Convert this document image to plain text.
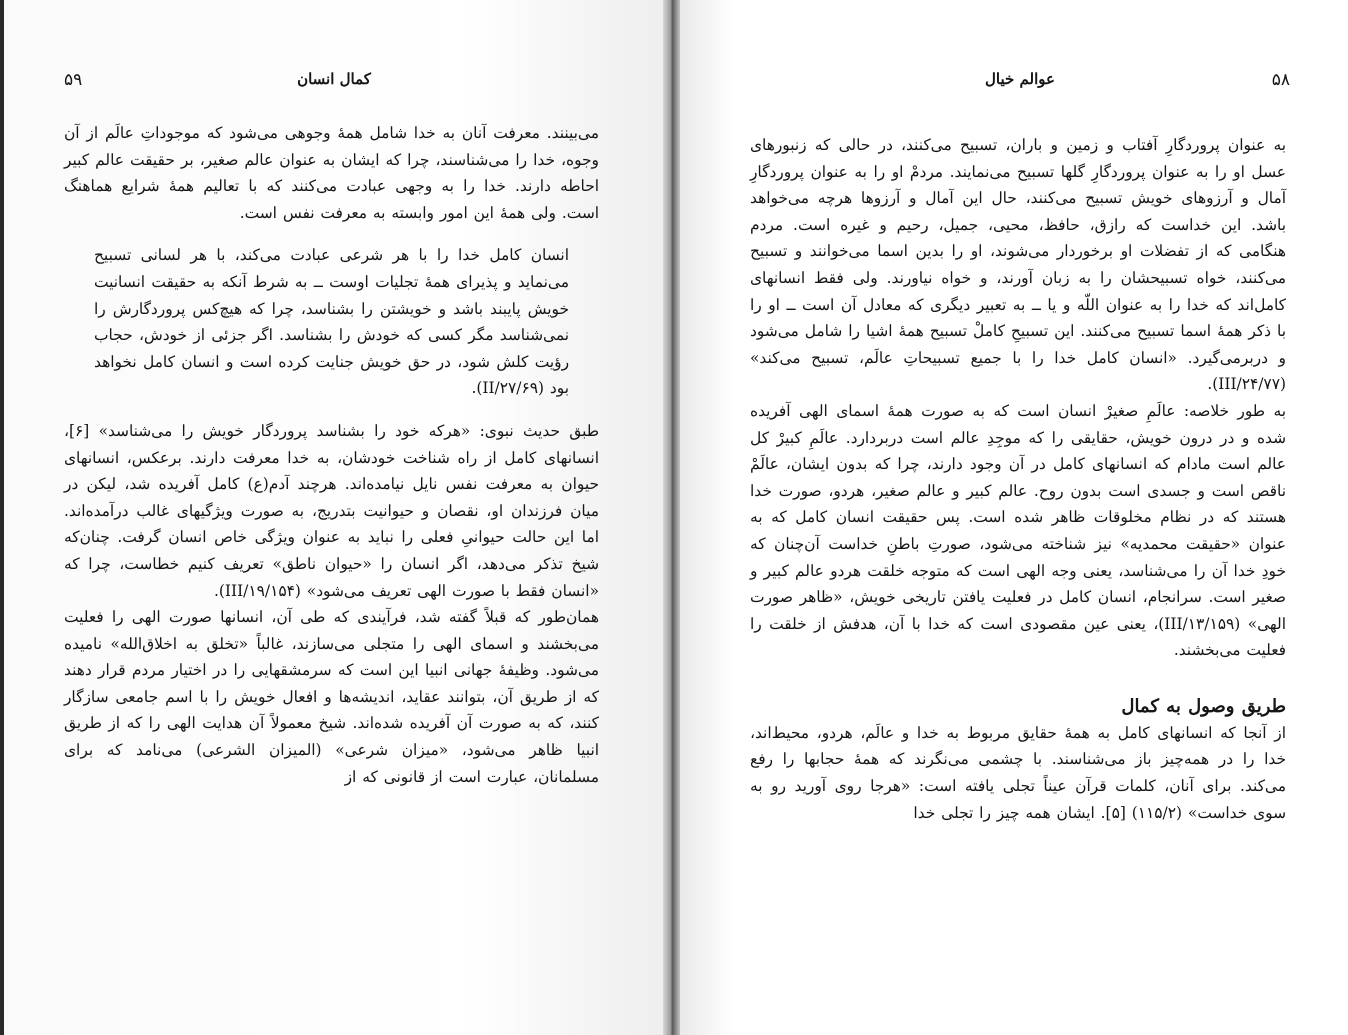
۵۹	کمال انسان

می‌بینند. معرفت آنان به خدا شامل همهٔ وجوهی می‌شود که موجوداتِ عالَم از آن وجوه، خدا را می‌شناسند، چرا که ایشان به عنوان عالم صغیر، بر حقیقت عالم کبیر احاطه دارند. خدا را به وجهی عبادت می‌کنند که با تعالیم همهٔ شرایع هماهنگ است. ولی همهٔ این امور وابسته به معرفت نفس است.

انسان کامل خدا را با هر شرعی عبادت می‌کند، با هر لسانی تسبیح می‌نماید و پذیرای همهٔ تجلیات اوست ــ به شرط آنکه به حقیقت انسانیت خویش پایبند باشد و خویشتن را بشناسد، چرا که هیچ‌کس پروردگارش را نمی‌شناسد مگر کسی که خودش را بشناسد. اگر جزئی از خودش، حجاب رؤیت کلش شود، در حق خویش جنایت کرده است و انسان کامل نخواهد بود (۲۷/۶۹/II).

طبق حدیث نبوی: «هرکه خود را بشناسد پروردگار خویش را می‌شناسد» [۶]، انسانهای کامل از راه شناخت خودشان، به خدا معرفت دارند. برعکس، انسانهای حیوان به معرفت نفس نایل نیامده‌اند. هرچند آدم(ع) کامل آفریده شد، لیکن در میان فرزندان او، نقصان و حیوانیت بتدریج، به صورت ویژگیهای غالب درآمده‌اند. اما این حالت حیوانیِ فعلی را نباید به عنوان ویژگی خاص انسان گرفت. چنان‌که شیخ تذکر می‌دهد، اگر انسان را «حیوان ناطق» تعریف کنیم خطاست، چرا که «انسان فقط با صورت الهی تعریف می‌شود» (۱۹/۱۵۴/III).

همان‌طور که قبلاً گفته شد، فرآیندی که طی آن، انسانها صورت الهی را فعلیت می‌بخشند و اسمای الهی را متجلی می‌سازند، غالباً «تخلق به اخلاق‌الله» نامیده می‌شود. وظیفهٔ جهانی انبیا این است که سرمشقهایی را در اختیار مردم قرار دهند که از طریق آن، بتوانند عقاید، اندیشه‌ها و افعال خویش را با اسم جامعی سازگار کنند، که به صورت آن آفریده شده‌اند. شیخ معمولاً آن هدایت الهی را که از طریق انبیا ظاهر می‌شود، «میزان شرعی» (المیزان الشرعی) می‌نامد که برای مسلمانان، عبارت است از قانونی که از

۵۸
عوالم خیال

به عنوان پروردگارِ آفتاب و زمین و باران، تسبیح می‌کنند، در حالی که زنبورهای عسل او را به عنوان پروردگارِ گلها تسبیح می‌نمایند. مردمْ او را به عنوان پروردگارِ آمال و آرزوهای خویش تسبیح می‌کنند، حال این آمال و آرزوها هرچه می‌خواهد باشد. این خداست که رازق، حافظ، محیی، جمیل، رحیم و غیره است. مردم هنگامی که از تفضلات او برخوردار می‌شوند، او را بدین اسما می‌خوانند و تسبیح می‌کنند، خواه تسبیحشان را به زبان آورند، و خواه نیاورند. ولی فقط انسانهای کامل‌اند که خدا را به عنوان اللّه و یا ــ به تعبیر دیگری که معادل آن است ــ او را با ذکر همهٔ اسما تسبیح می‌کنند. این تسبیحِ کاملْ تسبیح همهٔ اشیا را شامل می‌شود و دربرمی‌گیرد. «انسان کامل خدا را با جمیع تسبیحاتِ عالَم، تسبیح می‌کند» (۲۴/۷۷/III).

به طور خلاصه: عالَمِ صغیرْ انسان است که به صورت همهٔ اسمای الهی آفریده شده و در درون خویش، حقایقی را که موجِدِ عالم است دربردارد. عالَمِ کبیرْ کل عالم است مادام که انسانهای کامل در آن وجود دارند، چرا که بدون ایشان، عالَمْ ناقص است و جسدی است بدون روح. عالم کبیر و عالم صغیر، هردو، صورت خدا هستند که در نظام مخلوقات ظاهر شده است. پس حقیقت انسان کامل که به عنوان «حقیقت محمدیه» نیز شناخته می‌شود، صورتِ باطنِ خداست آن‌چنان که خودِ خدا آن را می‌شناسد، یعنی وجه الهی است که متوجه خلقت هردو عالم کبیر و صغیر است. سرانجام، انسان کامل در فعلیت یافتن تاریخی خویش، «ظاهر صورت الهی» (۱۳/۱۵۹/III)، یعنی عین مقصودی است که خدا با آن، هدفش از خلقت را فعلیت می‌بخشند.

طریق وصول به کمال

از آنجا که انسانهای کامل به همهٔ حقایق مربوط به خدا و عالَم، هردو، محیط‌اند، خدا را در همه‌چیز باز می‌شناسند. با چشمی می‌نگرند که همهٔ حجابها را رفع می‌کند. برای آنان، کلمات قرآن عیناً تجلی یافته است: «هرجا روی آورید رو به سوی خداست» (۱۱۵/۲) [۵]. ایشان همه چیز را تجلی خدا
